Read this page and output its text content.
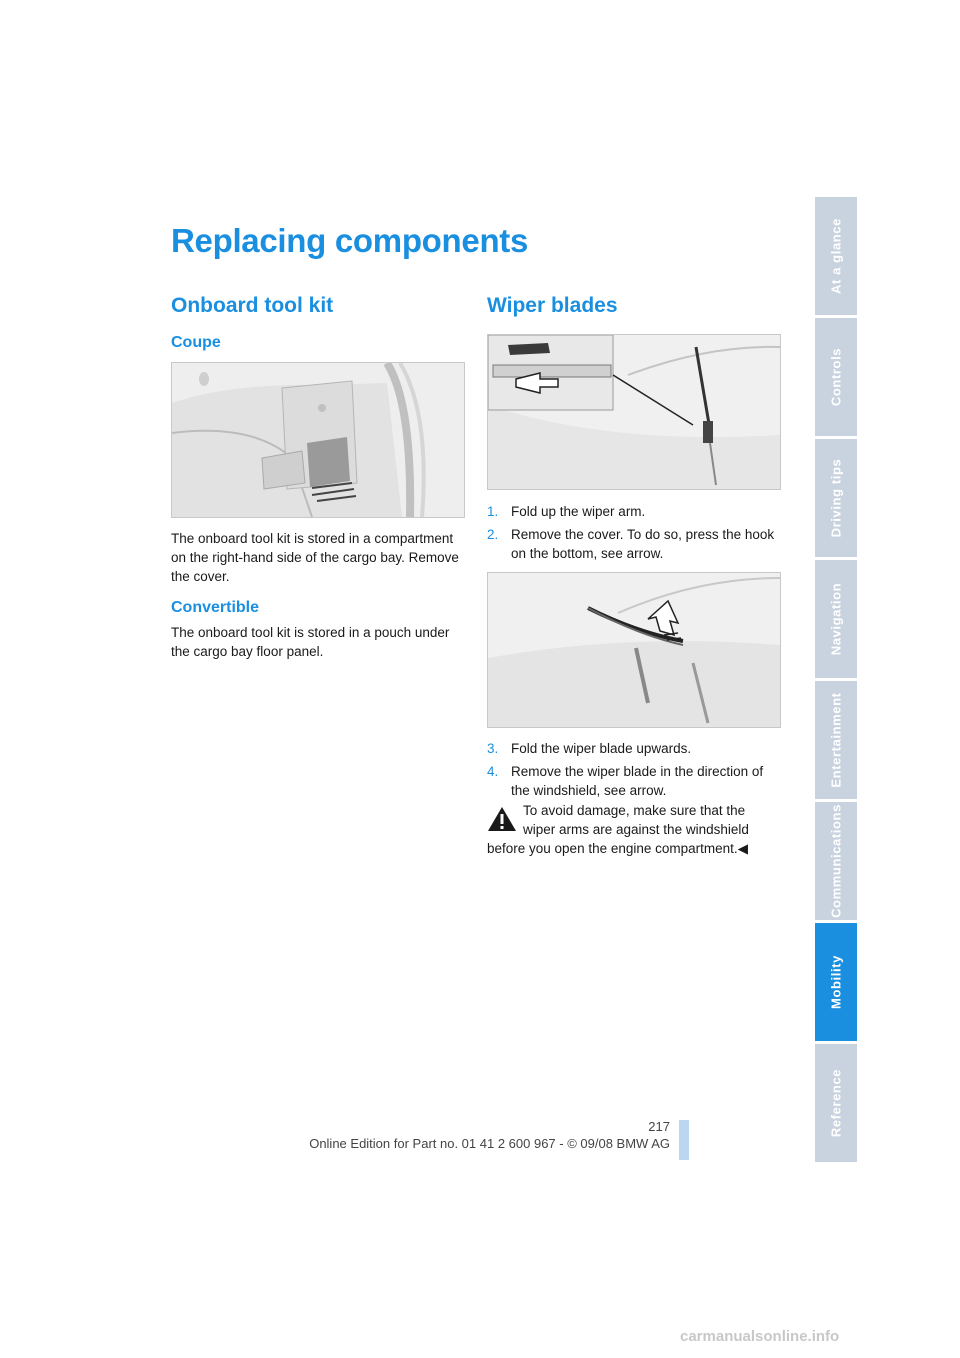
At a glance
Controls
Driving tips
Navigation
Entertainment
Communications
Mobility
Reference
Replacing components
Onboard tool kit
Coupe

The onboard tool kit is stored in a compartment on the right-hand side of the cargo bay. Remove the cover.

Convertible

The onboard tool kit is stored in a pouch under the cargo bay floor panel.

Wiper blades
1. Fold up the wiper arm.
2. Remove the cover. To do so, press the hook on the bottom, see arrow.
3. Fold the wiper blade upwards.
4. Remove the wiper blade in the direction of the windshield, see arrow.
To avoid damage, make sure that the
wiper arms are against the windshield
before you open the engine compartment.◀
217
Online Edition for Part no. 01 41 2 600 967 - © 09/08 BMW AG
carmanualsonline.info
